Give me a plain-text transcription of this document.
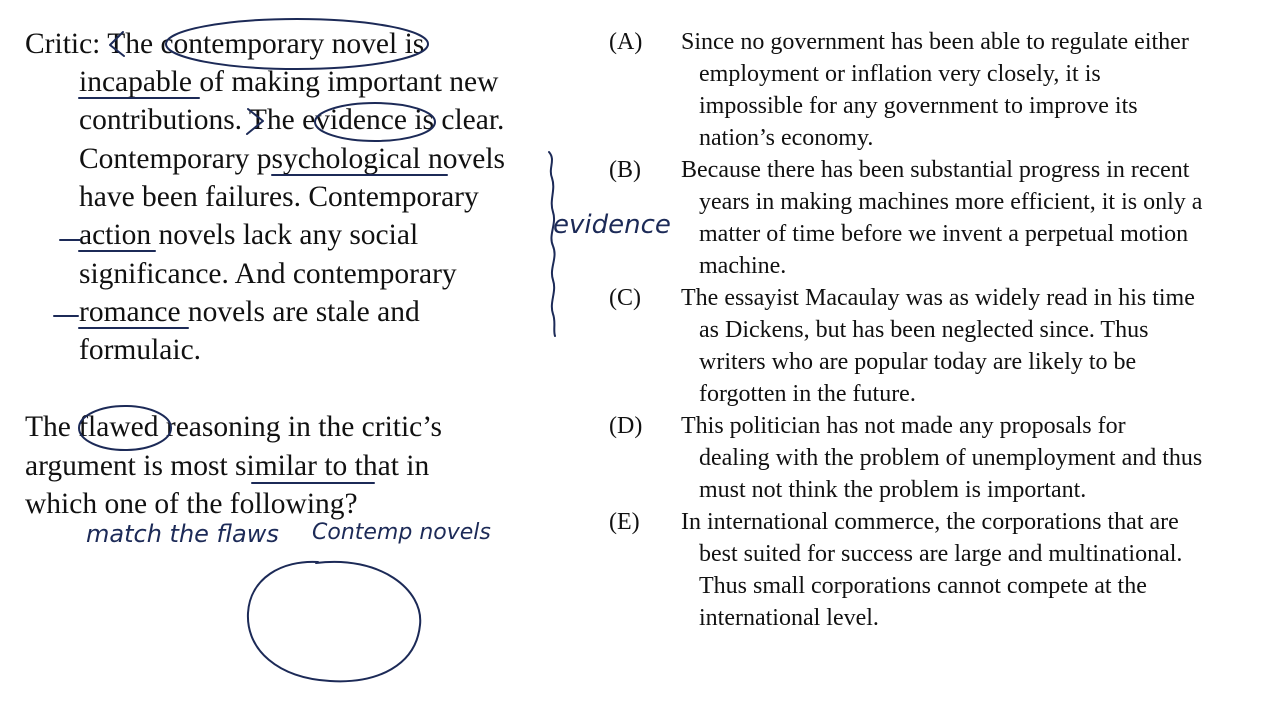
Critic: The contemporary novel is
incapable of making important new
contributions. The evidence is clear.
Contemporary psychological novels
have been failures. Contemporary
action novels lack any social
significance. And contemporary
romance novels are stale and
formulaic.
The flawed reasoning in the critic’s
argument is most similar to that in
which one of the following?
(A) Since no government has been able to regulate either
employment or inflation very closely, it is
impossible for any government to improve its
nation’s economy.
(B) Because there has been substantial progress in recent
years in making machines more efficient, it is only a
matter of time before we invent a perpetual motion
machine.
(C) The essayist Macaulay was as widely read in his time
as Dickens, but has been neglected since. Thus
writers who are popular today are likely to be
forgotten in the future.
(D) This politician has not made any proposals for
dealing with the problem of unemployment and thus
must not think the problem is important.
(E) In international commerce, the corporations that are
best suited for success are large and multinational.
Thus small corporations cannot compete at the
international level.
evidence
match the flaws Contemp novels
